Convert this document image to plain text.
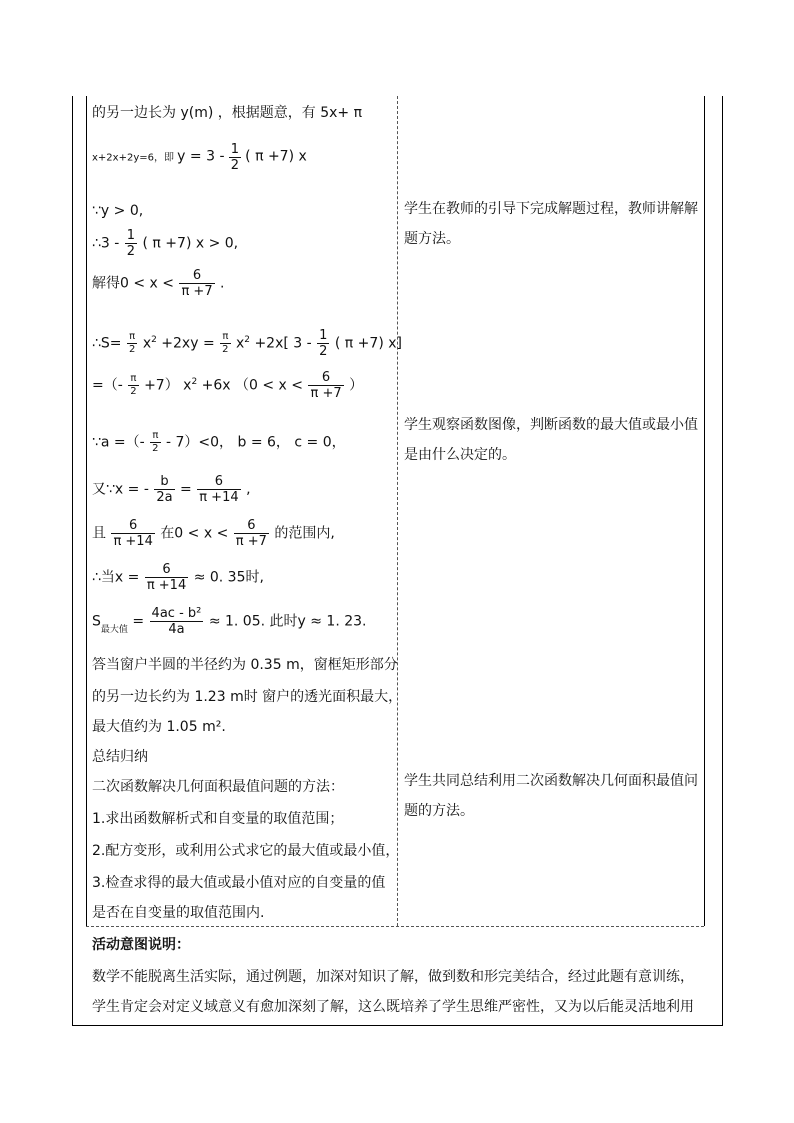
的另一边长为 y(m) ，根据题意，有 5x+ π
x+2x+2y=6，即 $y = 3 - \frac{1}{2}$ ( π +7) x
∵y > 0,
∴3 - $\frac{1}{2}$ ( π +7) x > 0,
解得$0 < x < \frac{6}{\pi +7}$ .
∴S= $\frac{\pi}{2} x^2 +2xy = \frac{\pi}{2} x^2 +2x$[ $3 - \frac{1}{2}$ ( π +7) x]
=（- $\frac{\pi}{2} +7$） $x^2 +6x$ （$0 < x < \frac{6}{\pi +7}$ ）
∵a =（- $\frac{\pi}{2} - 7)<0$， b = 6， c = 0，
又∵x = - $\frac{b}{2a} = \frac{6}{\pi +14}$ ,
且 $\frac{6}{\pi +14}$ 在$0 < x < \frac{6}{\pi +7}$ 的范围内,
∴当$x = \frac{6}{\pi +14} \approx 0$. 35时,
$S_{最大值} = \frac{\text{4ac - b²}}{4a} \approx 1$. 05. 此时y ≈ 1. 23.
答当窗户半圆的半径约为 0.35 m，窗框矩形部分
的另一边长约为 1.23 m时 窗户的透光面积最大，
最大值约为 1.05 m².
总结归纳
二次函数解决几何面积最值问题的方法：
1.求出函数解析式和自变量的取值范围；
2.配方变形，或利用公式求它的最大值或最小值，
3.检查求得的最大值或最小值对应的自变量的值
是否在自变量的取值范围内.
学生在教师的引导下完成解题过程，教师讲解解题方法。
学生观察函数图像，判断函数的最大值或最小值是由什么决定的。
学生共同总结利用二次函数解决几何面积最值问题的方法。
活动意图说明：
数学不能脱离生活实际，通过例题，加深对知识了解，做到数和形完美结合，经过此题有意训练，学生肯定会对定义域意义有愈加深刻了解，这么既培养了学生思维严密性，又为以后能灵活地利用
